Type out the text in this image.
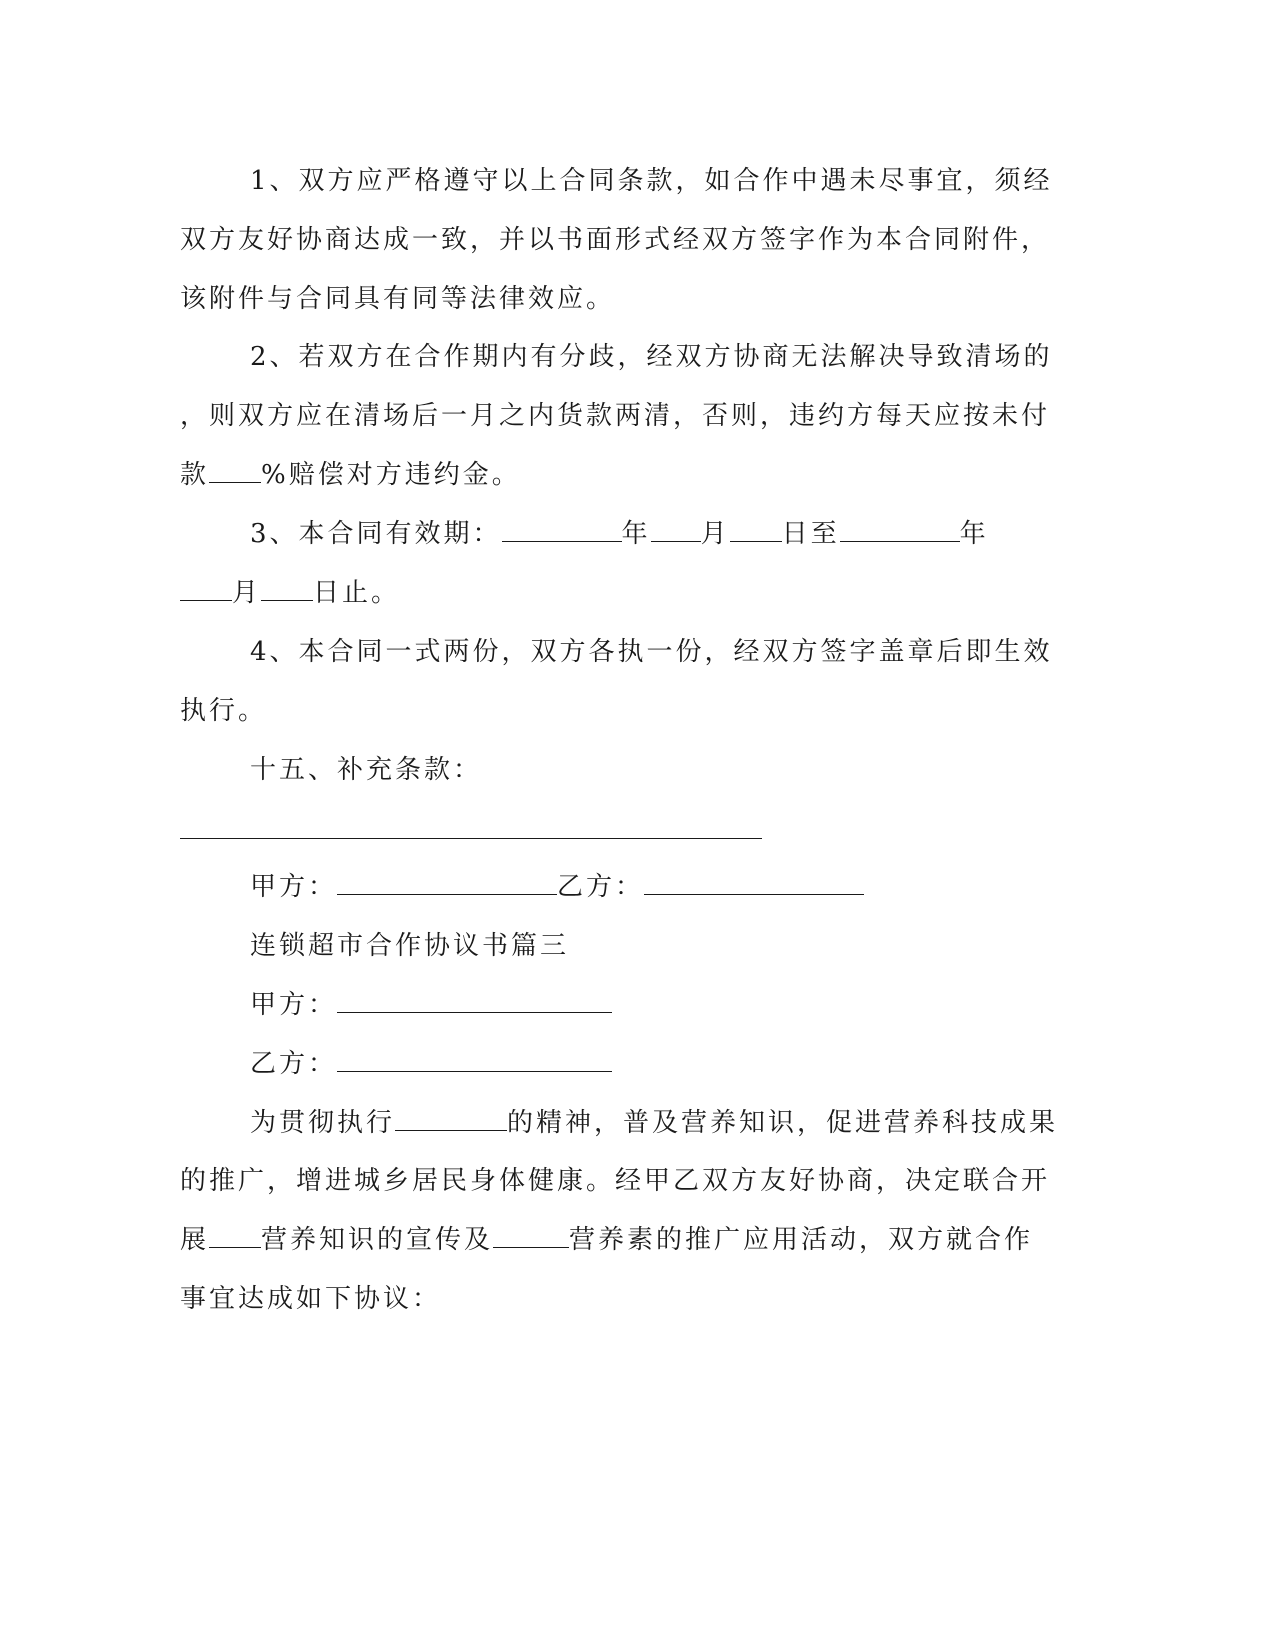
1、双方应严格遵守以上合同条款，如合作中遇未尽事宜，须经
双方友好协商达成一致，并以书面形式经双方签字作为本合同附件，
该附件与合同具有同等法律效应。
2、若双方在合作期内有分歧，经双方协商无法解决导致清场的
，则双方应在清场后一月之内货款两清，否则，违约方每天应按未付
款 %赔偿对方违约金。
3、本合同有效期：	年 月 日至	年
月 日止。
4、本合同一式两份，双方各执一份，经双方签字盖章后即生效
执行。
十五、补充条款：
甲方：	乙方：
连锁超市合作协议书篇三
甲方：
乙方：
为贯彻执行	的精神，普及营养知识，促进营养科技成果
的推广，增进城乡居民身体健康。经甲乙双方友好协商，决定联合开
展 营养知识的宣传及	营养素的推广应用活动，双方就合作
事宜达成如下协议：
